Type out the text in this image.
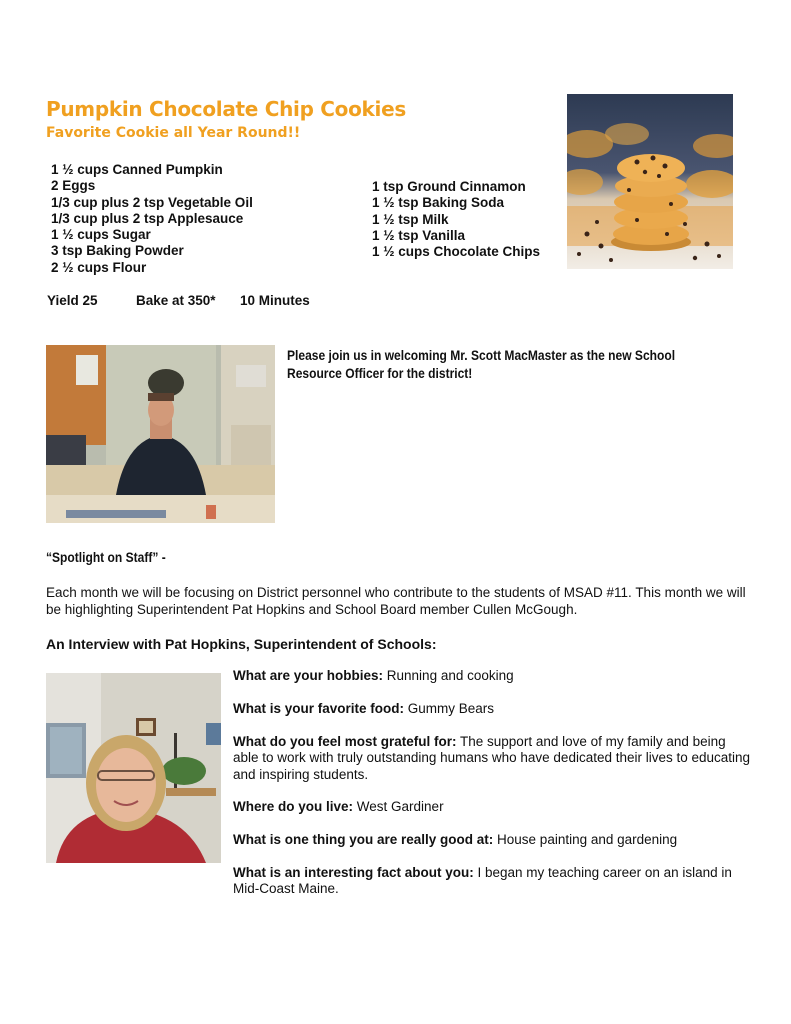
Pumpkin Chocolate Chip Cookies
Favorite Cookie all Year Round!!
1 ½ cups Canned Pumpkin
2 Eggs
1/3 cup plus 2 tsp Vegetable Oil
1/3 cup plus 2 tsp Applesauce
1 ½ cups Sugar
3 tsp Baking Powder
2 ½ cups Flour
1 tsp Ground Cinnamon
1 ½ tsp Baking Soda
1 ½ tsp Milk
1 ½ tsp Vanilla
1 ½ cups Chocolate Chips
Yield 25	Bake at 350* 10 Minutes
Please join us in welcoming Mr. Scott MacMaster as the new School Resource Officer for the district!
“Spotlight on Staff” -
Each month we will be focusing on District personnel who contribute to the students of MSAD #11. This month we will be highlighting Superintendent Pat Hopkins and School Board member Cullen McGough.
An Interview with Pat Hopkins, Superintendent of Schools:
What are your hobbies: Running and cooking
What is your favorite food: Gummy Bears
What do you feel most grateful for: The support and love of my family and being able to work with truly outstanding humans who have dedicated their lives to educating and inspiring students.
Where do you live: West Gardiner
What is one thing you are really good at: House painting and gardening
What is an interesting fact about you: I began my teaching career on an island in Mid-Coast Maine.
